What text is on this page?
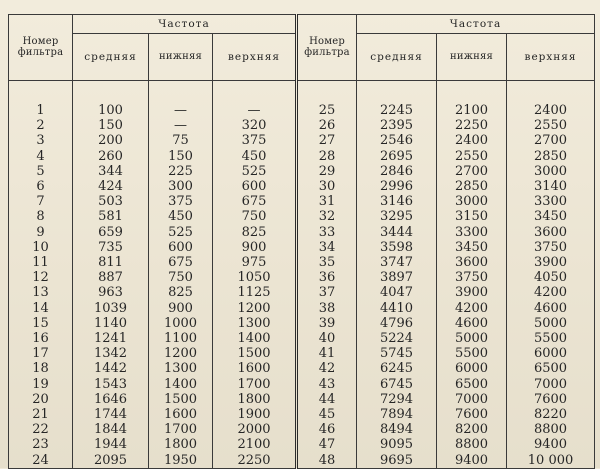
Номер фильтра	Частота			Номер фильтра	Частота		
	средняя	нижняя	верхняя		средняя	нижняя	верхняя
1	100	—	—	25	2245	2100	2400
2	150	—	320	26	2395	2250	2550
3	200	75	375	27	2546	2400	2700
4	260	150	450	28	2695	2550	2850
5	344	225	525	29	2846	2700	3000
6	424	300	600	30	2996	2850	3140
7	503	375	675	31	3146	3000	3300
8	581	450	750	32	3295	3150	3450
9	659	525	825	33	3444	3300	3600
10	735	600	900	34	3598	3450	3750
11	811	675	975	35	3747	3600	3900
12	887	750	1050	36	3897	3750	4050
13	963	825	1125	37	4047	3900	4200
14	1039	900	1200	38	4410	4200	4600
15	1140	1000	1300	39	4796	4600	5000
16	1241	1100	1400	40	5224	5000	5500
17	1342	1200	1500	41	5745	5500	6000
18	1442	1300	1600	42	6245	6000	6500
19	1543	1400	1700	43	6745	6500	7000
20	1646	1500	1800	44	7294	7000	7600
21	1744	1600	1900	45	7894	7600	8220
22	1844	1700	2000	46	8494	8200	8800
23	1944	1800	2100	47	9095	8800	9400
24	2095	1950	2250	48	9695	9400	10 000
